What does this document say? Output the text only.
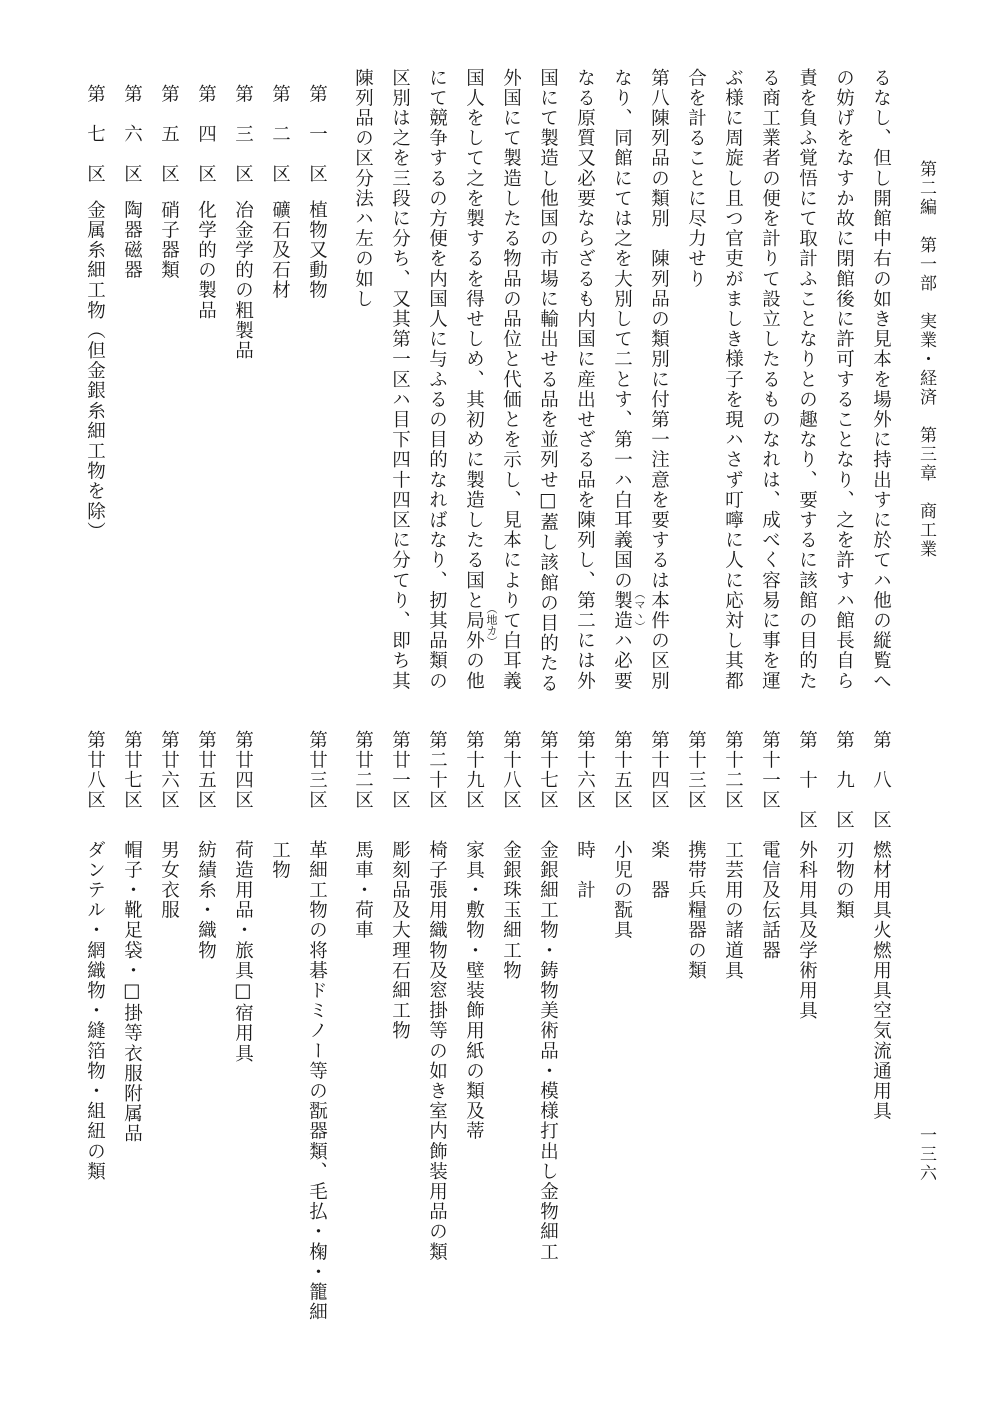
第二編　第一部　実業・経済　第三章　商工業
一三六
るなし、但し開館中右の如き見本を場外に持出すに於てハ他の縦覧へ
の妨げをなすか故に閉館後に許可することなり、之を許すハ館長自ら
責を負ふ覚悟にて取計ふことなりとの趣なり、要するに該館の目的た
る商工業者の便を計りて設立したるものなれは、成べく容易に事を運
ぶ様に周旋し且つ官吏がましき様子を現ハさず叮嚀に人に応対し其都
合を計ることに尽力せり
第八陳列品の類別　陳列品の類別に付第一注意を要するは本件の区別
なり、同館にては之を大別して二とす、第一ハ白耳義国の製造ハ必要
なる原質又必要ならざるも内国に産出せざる品を陳列し、第二には外
国にて製造し他国の市場に輸出せる品を並列せ□蓋し該館の目的たる
外国にて製造したる物品の品位と代価とを示し、見本によりて白耳義
国人をして之を製するを得せしめ、其初めに製造したる国と局外の他
にて競争するの方便を内国人に与ふるの目的なればなり、扨其品類の
区別は之を三段に分ち、又其第一区ハ目下四十四区に分てり、即ち其
陳列品の区分法ハ左の如し
（マヽ）
（地カ）
第　一　区
植物又動物
第　二　区
礦石及石材
第　三　区
冶金学的の粗製品
第　四　区
化学的の製品
第　五　区
硝子器類
第　六　区
陶器磁器
第　七　区
金属糸細工物（但金銀糸細工物を除）
第　八　区
燃材用具火燃用具空気流通用具
第　九　区
刃物の類
第　十　区
外科用具及学術用具
第十一区
電信及伝話器
第十二区
工芸用の諸道具
第十三区
携帯兵糧器の類
第十四区
楽　器
第十五区
小児の翫具
第十六区
時　計
第十七区
金銀細工物・鋳物美術品・模様打出し金物細工
第十八区
金銀珠玉細工物
第十九区
家具・敷物・壁装飾用紙の類及蒂
第二十区
椅子張用織物及窓掛等の如き室内飾装用品の類
第廿一区
彫刻品及大理石細工物
第廿二区
馬車・荷車
第廿三区
革細工物の将碁ドミノー等の翫器類、毛払・椈・籠細
工物
第廿四区
荷造用品・旅具□宿用具
第廿五区
紡績糸・織物
第廿六区
男女衣服
第廿七区
帽子・靴足袋・□掛等衣服附属品
第廿八区
ダンテル・網織物・縫箔物・組紐の類
